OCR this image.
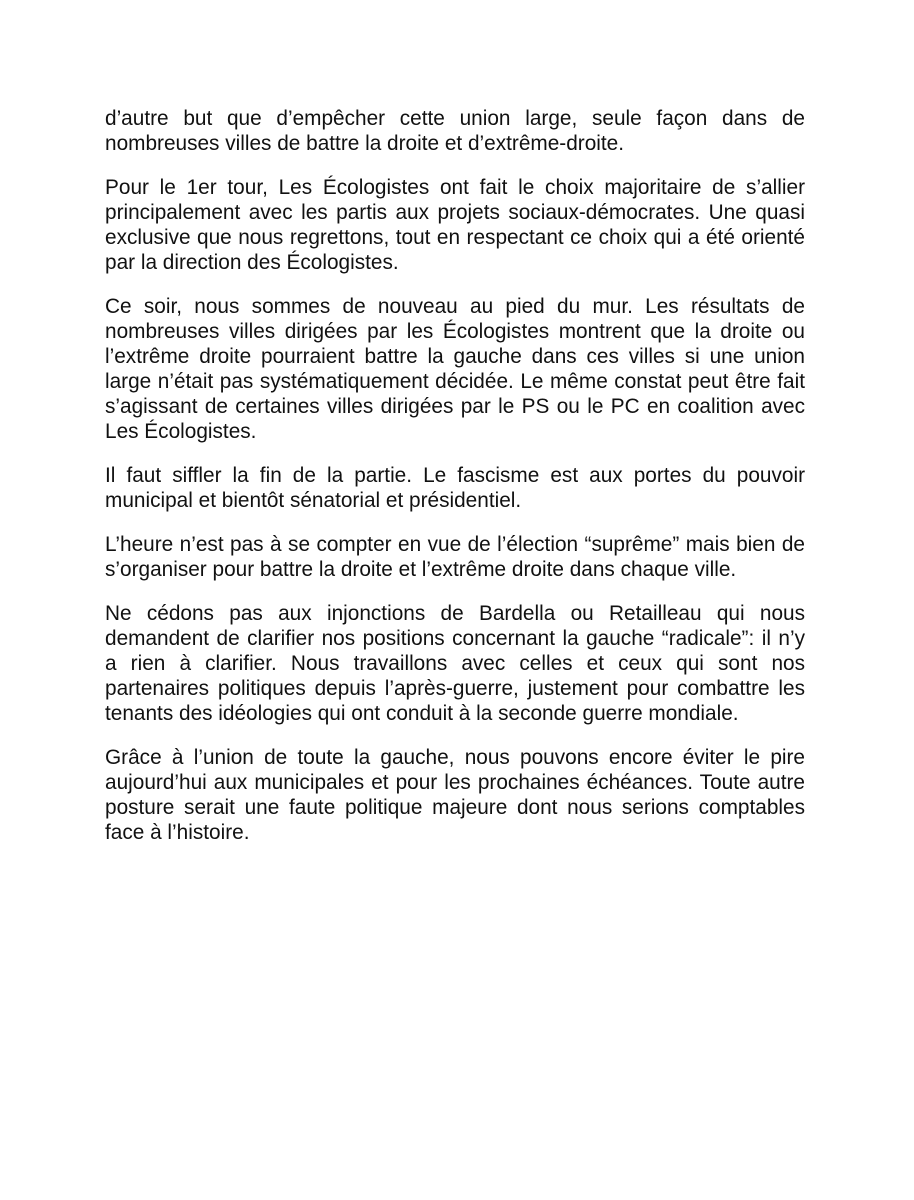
d’autre but que d’empêcher cette union large, seule façon dans de nombreuses villes de battre la droite et d’extrême-droite.

Pour le 1er tour, Les Écologistes ont fait le choix majoritaire de s’allier principalement avec les partis aux projets sociaux-démocrates. Une quasi exclusive que nous regrettons, tout en respectant ce choix qui a été orienté par la direction des Écologistes.

Ce soir, nous sommes de nouveau au pied du mur. Les résultats de nombreuses villes dirigées par les Écologistes montrent que la droite ou l’extrême droite pourraient battre la gauche dans ces villes si une union large n’était pas systématiquement décidée. Le même constat peut être fait s’agissant de certaines villes dirigées par le PS ou le PC en coalition avec Les Écologistes.

Il faut siffler la fin de la partie. Le fascisme est aux portes du pouvoir municipal et bientôt sénatorial et présidentiel.

L’heure n’est pas à se compter en vue de l’élection “suprême” mais bien de s’organiser pour battre la droite et l’extrême droite dans chaque ville.

Ne cédons pas aux injonctions de Bardella ou Retailleau qui nous demandent de clarifier nos positions concernant la gauche “radicale”: il n’y a rien à clarifier. Nous travaillons avec celles et ceux qui sont nos partenaires politiques depuis l’après-guerre, justement pour combattre les tenants des idéologies qui ont conduit à la seconde guerre mondiale.

Grâce à l’union de toute la gauche, nous pouvons encore éviter le pire aujourd’hui aux municipales et pour les prochaines échéances. Toute autre posture serait une faute politique majeure dont nous serions comptables face à l’histoire.
